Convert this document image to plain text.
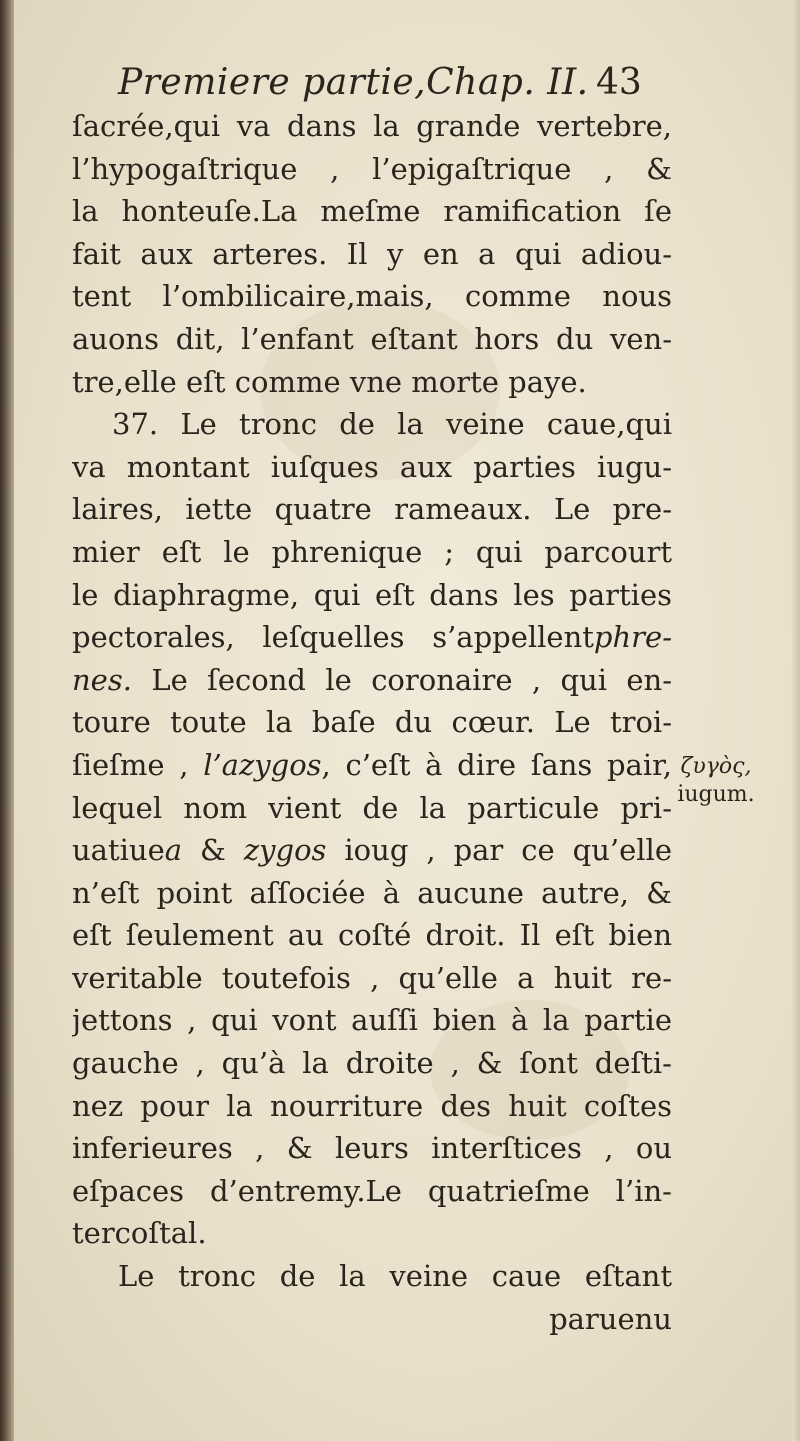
Premiere partie,Chap. II. 43
ſacrée,qui va dans la grande vertebre,
l’hypogaſtrique , l’epigaſtrique , &
la honteuſe.La meſme ramification ſe
fait aux arteres. Il y en a qui adiou-
tent l’ombilicaire,mais, comme nous
auons dit, l’enfant eſtant hors du ven-
tre,elle eſt comme vne morte paye.
37. Le tronc de la veine caue,qui
va montant iuſques aux parties iugu-
laires, iette quatre rameaux. Le pre-
mier eſt le phrenique ; qui parcourt
le diaphragme, qui eſt dans les parties
pectorales, leſquelles s’appellentphre-
nes. Le ſecond le coronaire , qui en-
toure toute la baſe du cœur. Le troi-
ſieſme , l’azygos, c’eſt à dire ſans pair,
lequel nom vient de la particule pri-
uatiuea & zygos ioug , par ce qu’elle
n’eſt point aſſociée à aucune autre, &
eſt ſeulement au coſté droit. Il eſt bien
veritable toutefois , qu’elle a huit re-
jettons , qui vont auſſi bien à la partie
gauche , qu’à la droite , & ſont deſti-
nez pour la nourriture des huit coſtes
inferieures , & leurs interſtices , ou
eſpaces d’entremy.Le quatrieſme l’in-
tercoſtal.
Le tronc de la veine caue eſtant
paruenu
ζυγὸς,
iugum.
